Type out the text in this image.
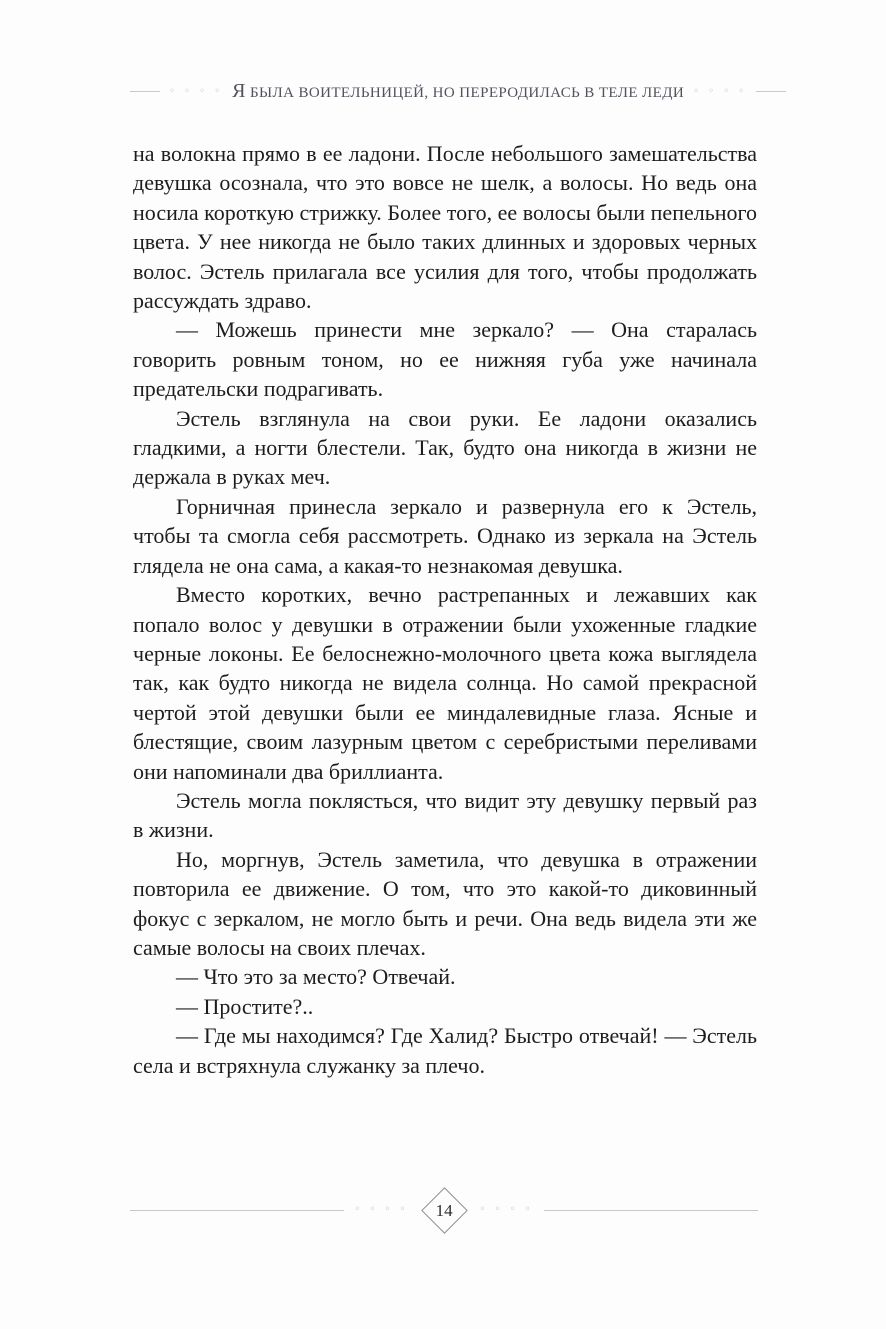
◦ ◦ ◦ ◦ Я БЫЛА ВОИТЕЛЬНИЦЕЙ, НО ПЕРЕРОДИЛАСЬ В ТЕЛЕ ЛЕДИ ◦ ◦ ◦ ◦

на волокна прямо в ее ладони. После небольшого замешательства девушка осознала, что это вовсе не шелк, а волосы. Но ведь она носила короткую стрижку. Более того, ее волосы были пепельного цвета. У нее никогда не было таких длинных и здоровых черных волос. Эстель прилагала все усилия для того, чтобы продолжать рассуждать здраво.

— Можешь принести мне зеркало? — Она старалась говорить ровным тоном, но ее нижняя губа уже начинала предательски подрагивать.

Эстель взглянула на свои руки. Ее ладони оказались гладкими, а ногти блестели. Так, будто она никогда в жизни не держала в руках меч.

Горничная принесла зеркало и развернула его к Эстель, чтобы та смогла себя рассмотреть. Однако из зеркала на Эстель глядела не она сама, а какая-то незнакомая девушка.

Вместо коротких, вечно растрепанных и лежавших как попало волос у девушки в отражении были ухоженные гладкие черные локоны. Ее белоснежно-молочного цвета кожа выглядела так, как будто никогда не видела солнца. Но самой прекрасной чертой этой девушки были ее миндалевидные глаза. Ясные и блестящие, своим лазурным цветом с серебристыми переливами они напоминали два бриллианта.

Эстель могла поклясться, что видит эту девушку первый раз в жизни.

Но, моргнув, Эстель заметила, что девушка в отражении повторила ее движение. О том, что это какой-то диковинный фокус с зеркалом, не могло быть и речи. Она ведь видела эти же самые волосы на своих плечах.

— Что это за место? Отвечай.

— Простите?..

— Где мы находимся? Где Халид? Быстро отвечай! — Эстель села и встряхнула служанку за плечо.

◦ ◦ ◦ ◦ 14	◦ ◦ ◦ ◦
